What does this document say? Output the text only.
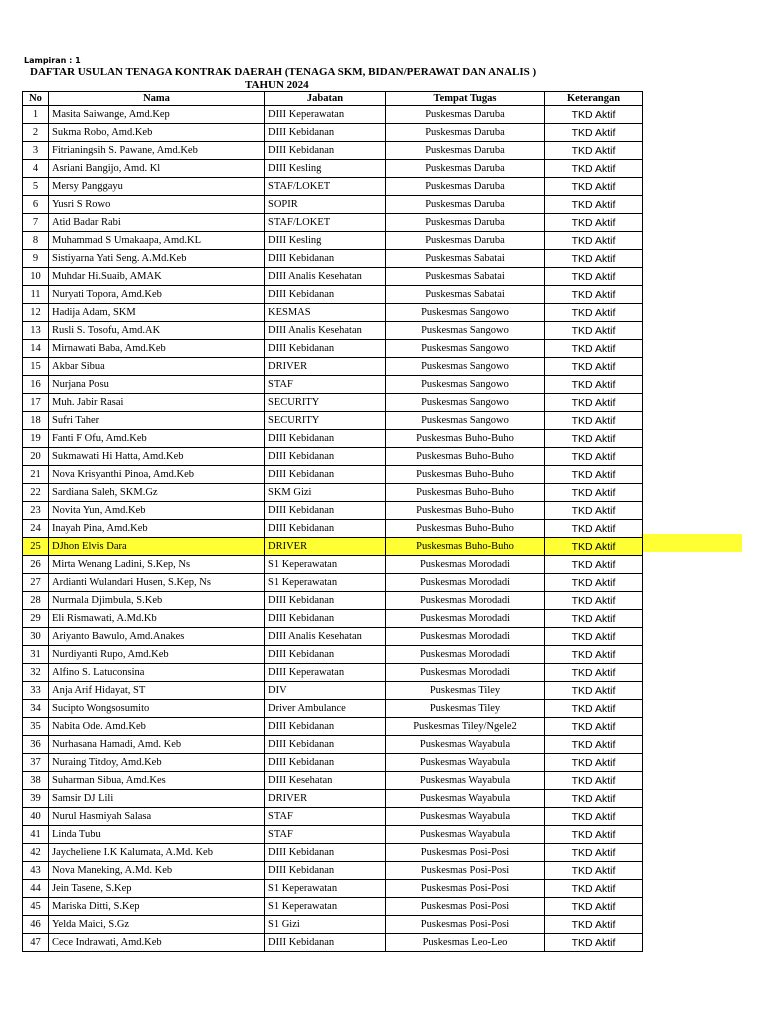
Lampiran : 1
DAFTAR USULAN TENAGA KONTRAK DAERAH (TENAGA SKM, BIDAN/PERAWAT DAN ANALIS )
TAHUN 2024
No	Nama	Jabatan	Tempat Tugas	Keterangan
1	Masita Saiwange, Amd.Kep	DIII Keperawatan	Puskesmas Daruba	TKD Aktif
2	Sukma Robo, Amd.Keb	DIII Kebidanan	Puskesmas Daruba	TKD Aktif
3	Fitrianingsih S. Pawane, Amd.Keb	DIII Kebidanan	Puskesmas Daruba	TKD Aktif
4	Asriani Bangijo, Amd. Kl	DIII Kesling	Puskesmas Daruba	TKD Aktif
5	Mersy Panggayu	STAF/LOKET	Puskesmas Daruba	TKD Aktif
6	Yusri S Rowo	SOPIR	Puskesmas Daruba	TKD Aktif
7	Atid Badar Rabi	STAF/LOKET	Puskesmas Daruba	TKD Aktif
8	Muhammad S Umakaapa, Amd.KL	DIII Kesling	Puskesmas Daruba	TKD Aktif
9	Sistiyarna Yati Seng. A.Md.Keb	DIII Kebidanan	Puskesmas Sabatai	TKD Aktif
10	Muhdar Hi.Suaib, AMAK	DIII Analis Kesehatan	Puskesmas Sabatai	TKD Aktif
11	Nuryati Topora, Amd.Keb	DIII Kebidanan	Puskesmas Sabatai	TKD Aktif
12	Hadija Adam, SKM	KESMAS	Puskesmas Sangowo	TKD Aktif
13	Rusli S. Tosofu, Amd.AK	DIII Analis Kesehatan	Puskesmas Sangowo	TKD Aktif
14	Mirnawati Baba, Amd.Keb	DIII Kebidanan	Puskesmas Sangowo	TKD Aktif
15	Akbar Sibua	DRIVER	Puskesmas Sangowo	TKD Aktif
16	Nurjana Posu	STAF	Puskesmas Sangowo	TKD Aktif
17	Muh. Jabir Rasai	SECURITY	Puskesmas Sangowo	TKD Aktif
18	Sufri Taher	SECURITY	Puskesmas Sangowo	TKD Aktif
19	Fanti F Ofu, Amd.Keb	DIII Kebidanan	Puskesmas Buho-Buho	TKD Aktif
20	Sukmawati Hi Hatta, Amd.Keb	DIII Kebidanan	Puskesmas Buho-Buho	TKD Aktif
21	Nova Krisyanthi Pinoa, Amd.Keb	DIII Kebidanan	Puskesmas Buho-Buho	TKD Aktif
22	Sardiana Saleh, SKM.Gz	SKM Gizi	Puskesmas Buho-Buho	TKD Aktif
23	Novita Yun, Amd.Keb	DIII Kebidanan	Puskesmas Buho-Buho	TKD Aktif
24	Inayah Pina, Amd.Keb	DIII Kebidanan	Puskesmas Buho-Buho	TKD Aktif
25	DJhon Elvis Dara	DRIVER	Puskesmas Buho-Buho	TKD Aktif
26	Mirta Wenang Ladini, S.Kep, Ns	S1 Keperawatan	Puskesmas Morodadi	TKD Aktif
27	Ardianti Wulandari Husen, S.Kep, Ns	S1 Keperawatan	Puskesmas Morodadi	TKD Aktif
28	Nurmala Djimbula, S.Keb	DIII Kebidanan	Puskesmas Morodadi	TKD Aktif
29	Eli Rismawati, A.Md.Kb	DIII Kebidanan	Puskesmas Morodadi	TKD Aktif
30	Ariyanto Bawulo, Amd.Anakes	DIII Analis Kesehatan	Puskesmas Morodadi	TKD Aktif
31	Nurdiyanti Rupo, Amd.Keb	DIII Kebidanan	Puskesmas Morodadi	TKD Aktif
32	Alfino S. Latuconsina	DIII Keperawatan	Puskesmas Morodadi	TKD Aktif
33	Anja Arif Hidayat, ST	DIV	Puskesmas Tiley	TKD Aktif
34	Sucipto Wongsosumito	Driver Ambulance	Puskesmas Tiley	TKD Aktif
35	Nabita Ode. Amd.Keb	DIII Kebidanan	Puskesmas Tiley/Ngele2	TKD Aktif
36	Nurhasana Hamadi, Amd. Keb	DIII Kebidanan	Puskesmas Wayabula	TKD Aktif
37	Nuraing Titdoy, Amd.Keb	DIII Kebidanan	Puskesmas Wayabula	TKD Aktif
38	Suharman Sibua, Amd.Kes	DIII Kesehatan	Puskesmas Wayabula	TKD Aktif
39	Samsir DJ Lili	DRIVER	Puskesmas Wayabula	TKD Aktif
40	Nurul Hasmiyah Salasa	STAF	Puskesmas Wayabula	TKD Aktif
41	Linda Tubu	STAF	Puskesmas Wayabula	TKD Aktif
42	Jaycheliene I.K Kalumata, A.Md. Keb	DIII Kebidanan	Puskesmas Posi-Posi	TKD Aktif
43	Nova Maneking, A.Md. Keb	DIII Kebidanan	Puskesmas Posi-Posi	TKD Aktif
44	Jein Tasene, S.Kep	S1 Keperawatan	Puskesmas Posi-Posi	TKD Aktif
45	Mariska Ditti, S.Kep	S1 Keperawatan	Puskesmas Posi-Posi	TKD Aktif
46	Yelda Maici, S.Gz	S1 Gizi	Puskesmas Posi-Posi	TKD Aktif
47	Cece Indrawati, Amd.Keb	DIII Kebidanan	Puskesmas Leo-Leo	TKD Aktif
